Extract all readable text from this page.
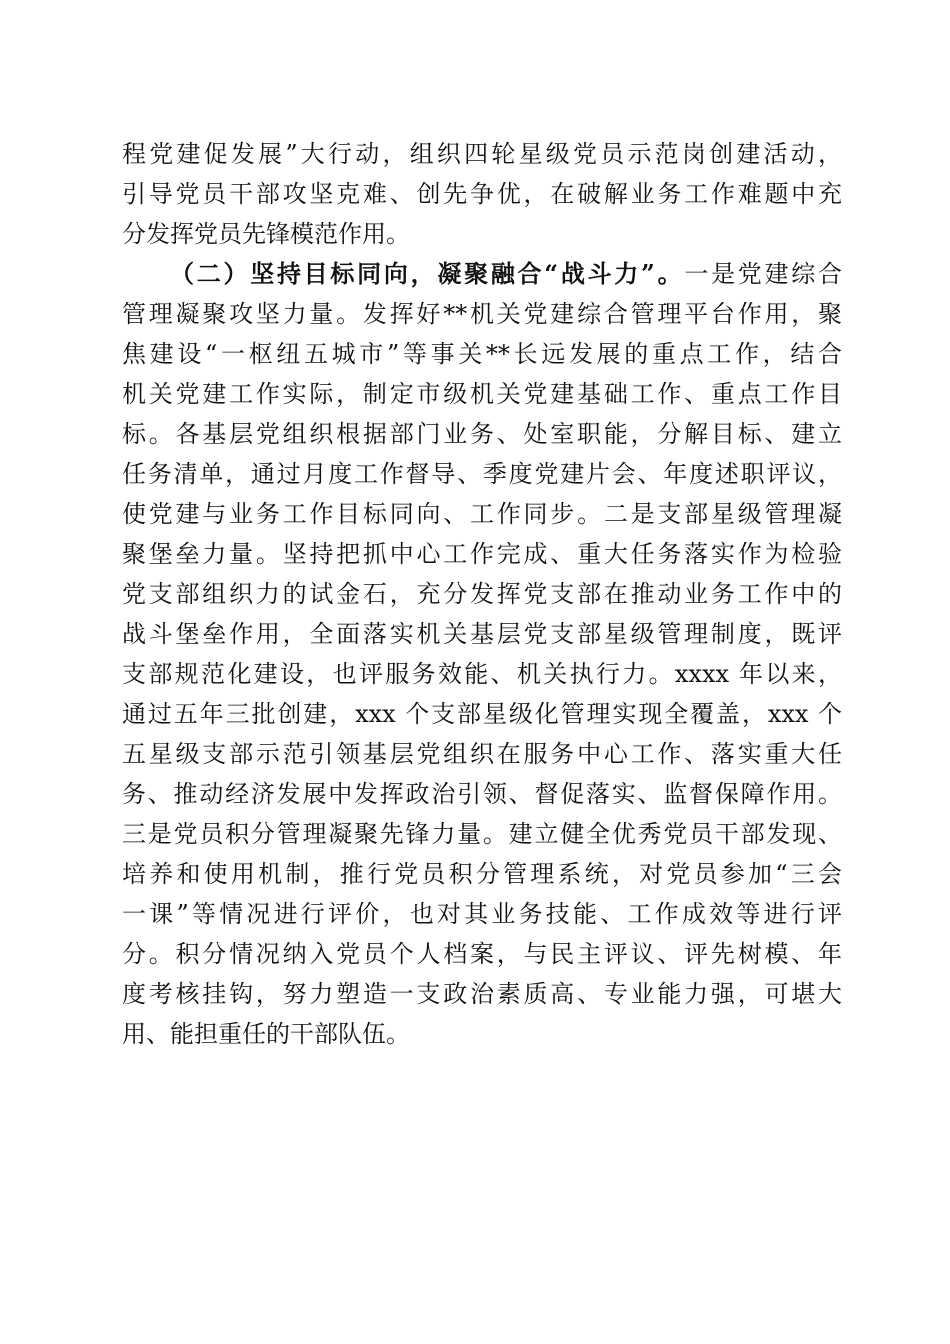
程党建促发展”大行动，组织四轮星级党员示范岗创建活动，
引导党员干部攻坚克难、创先争优，在破解业务工作难题中充
分发挥党员先锋模范作用。
（二）坚持目标同向，凝聚融合“战斗力”。一是党建综合
管理凝聚攻坚力量。发挥好**机关党建综合管理平台作用，聚
焦建设“一枢纽五城市”等事关**长远发展的重点工作，结合
机关党建工作实际，制定市级机关党建基础工作、重点工作目
标。各基层党组织根据部门业务、处室职能，分解目标、建立
任务清单，通过月度工作督导、季度党建片会、年度述职评议，
使党建与业务工作目标同向、工作同步。二是支部星级管理凝
聚堡垒力量。坚持把抓中心工作完成、重大任务落实作为检验
党支部组织力的试金石，充分发挥党支部在推动业务工作中的
战斗堡垒作用，全面落实机关基层党支部星级管理制度，既评
支部规范化建设，也评服务效能、机关执行力。xxxx 年以来，
通过五年三批创建，xxx 个支部星级化管理实现全覆盖，xxx 个
五星级支部示范引领基层党组织在服务中心工作、落实重大任
务、推动经济发展中发挥政治引领、督促落实、监督保障作用。
三是党员积分管理凝聚先锋力量。建立健全优秀党员干部发现、
培养和使用机制，推行党员积分管理系统，对党员参加“三会
一课”等情况进行评价，也对其业务技能、工作成效等进行评
分。积分情况纳入党员个人档案，与民主评议、评先树模、年
度考核挂钩，努力塑造一支政治素质高、专业能力强，可堪大
用、能担重任的干部队伍。
